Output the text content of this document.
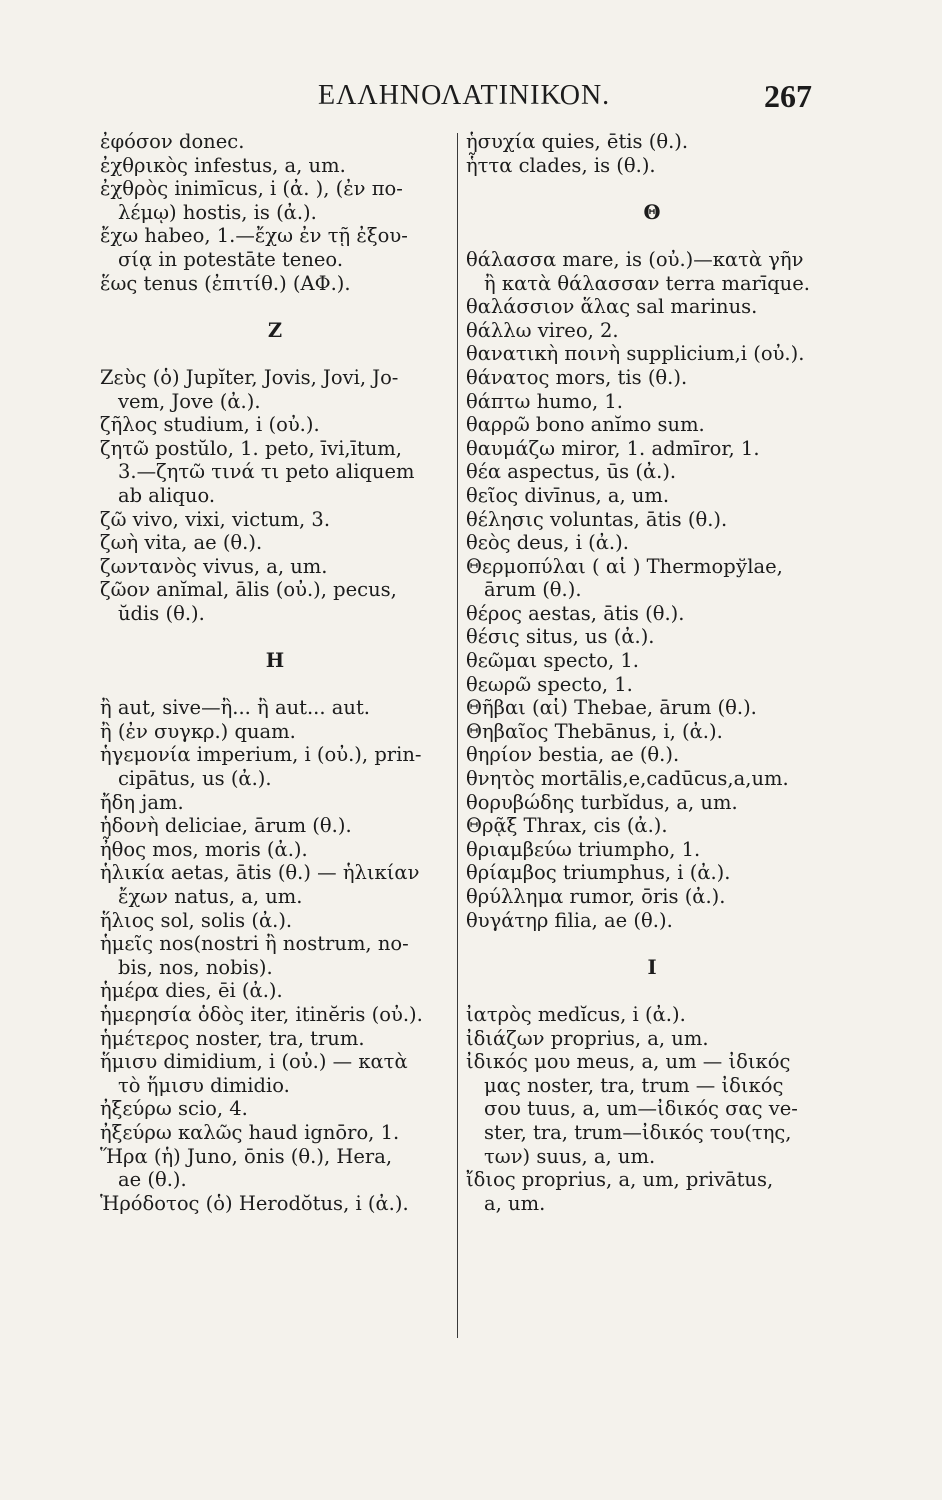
ΕΛΛΗΝΟΛΑΤΙΝΙΚΟΝ.	267
ἐφόσον donec.
ἐχθρικὸς infestus, a, um.
ἐχθρὸς inimīcus, i (ἀ. ), (ἐν πο-
λέμῳ) hostis, is (ἀ.).
ἔχω habeo, 1.—ἔχω ἐν τῇ ἐξου-
σίᾳ in potestāte teneo.
ἕως tenus (ἐπιτίθ.) (ΑΦ.).
Ζ
Ζεὺς (ὁ) Jupĭter, Jovis, Jovi, Jo-
vem, Jove (ἀ.).
ζῆλος studium, i (οὐ.).
ζητῶ postŭlo, 1. peto, īvi,ītum,
3.—ζητῶ τινά τι peto aliquem
ab aliquo.
ζῶ vivo, vixi, victum, 3.
ζωὴ vita, ae (θ.).
ζωντανὸς vivus, a, um.
ζῶον anĭmal, ālis (οὐ.), pecus,
ŭdis (θ.).
Η
ἢ aut, sive—ἢ... ἢ aut... aut.
ἢ (ἐν συγκρ.) quam.
ἡγεμονία imperium, i (οὐ.), prin-
cipātus, us (ἀ.).
ἤδη jam.
ἡδονὴ deliciae, ārum (θ.).
ἦθος mos, moris (ἀ.).
ἡλικία aetas, ātis (θ.) — ἡλικίαν
ἔχων natus, a, um.
ἥλιος sol, solis (ἀ.).
ἡμεῖς nos(nostri ἢ nostrum, no-
bis, nos, nobis).
ἡμέρα dies, ēi (ἀ.).
ἡμερησία ὁδὸς iter, itinĕris (οὐ.).
ἡμέτερος noster, tra, trum.
ἥμισυ dimidium, i (οὐ.) — κατὰ
τὸ ἥμισυ dimidio.
ἠξεύρω scio, 4.
ἠξεύρω καλῶς haud ignōro, 1.
Ἥρα (ἡ) Juno, ōnis (θ.), Hera,
ae (θ.).
Ἡρόδοτος (ὁ) Herodŏtus, i (ἀ.).
ἡσυχία quies, ētis (θ.).
ἧττα clades, is (θ.).
Θ
θάλασσα mare, is (οὐ.)—κατὰ γῆν
ἢ κατὰ θάλασσαν terra marīque.
θαλάσσιον ἅλας sal marinus.
θάλλω vireo, 2.
θανατικὴ ποινὴ supplicium,i (οὐ.).
θάνατος mors, tis (θ.).
θάπτω humo, 1.
θαρρῶ bono anĭmo sum.
θαυμάζω miror, 1. admīror, 1.
θέα aspectus, ūs (ἀ.).
θεῖος divīnus, a, um.
θέλησις voluntas, ātis (θ.).
θεὸς deus, i (ἀ.).
Θερμοπύλαι ( αἱ ) Thermopўlae,
ārum (θ.).
θέρος aestas, ātis (θ.).
θέσις situs, us (ἀ.).
θεῶμαι specto, 1.
θεωρῶ specto, 1.
Θῆβαι (αἱ) Thebae, ārum (θ.).
Θηβαῖος Thebānus, i, (ἀ.).
θηρίον bestia, ae (θ.).
θνητὸς mortālis,e,cadūcus,a,um.
θορυβώδης turbĭdus, a, um.
Θρᾷξ Thrax, cis (ἀ.).
θριαμβεύω triumpho, 1.
θρίαμβος triumphus, i (ἀ.).
θρύλλημα rumor, ōris (ἀ.).
θυγάτηρ filia, ae (θ.).
Ι
ἰατρὸς medĭcus, i (ἀ.).
ἰδιάζων proprius, a, um.
ἰδικός μου meus, a, um — ἰδικός
μας noster, tra, trum — ἰδικός
σου tuus, a, um—ἰδικός σας ve-
ster, tra, trum—ἰδικός του(της,
των) suus, a, um.
ἴδιος proprius, a, um, privātus,
a, um.
